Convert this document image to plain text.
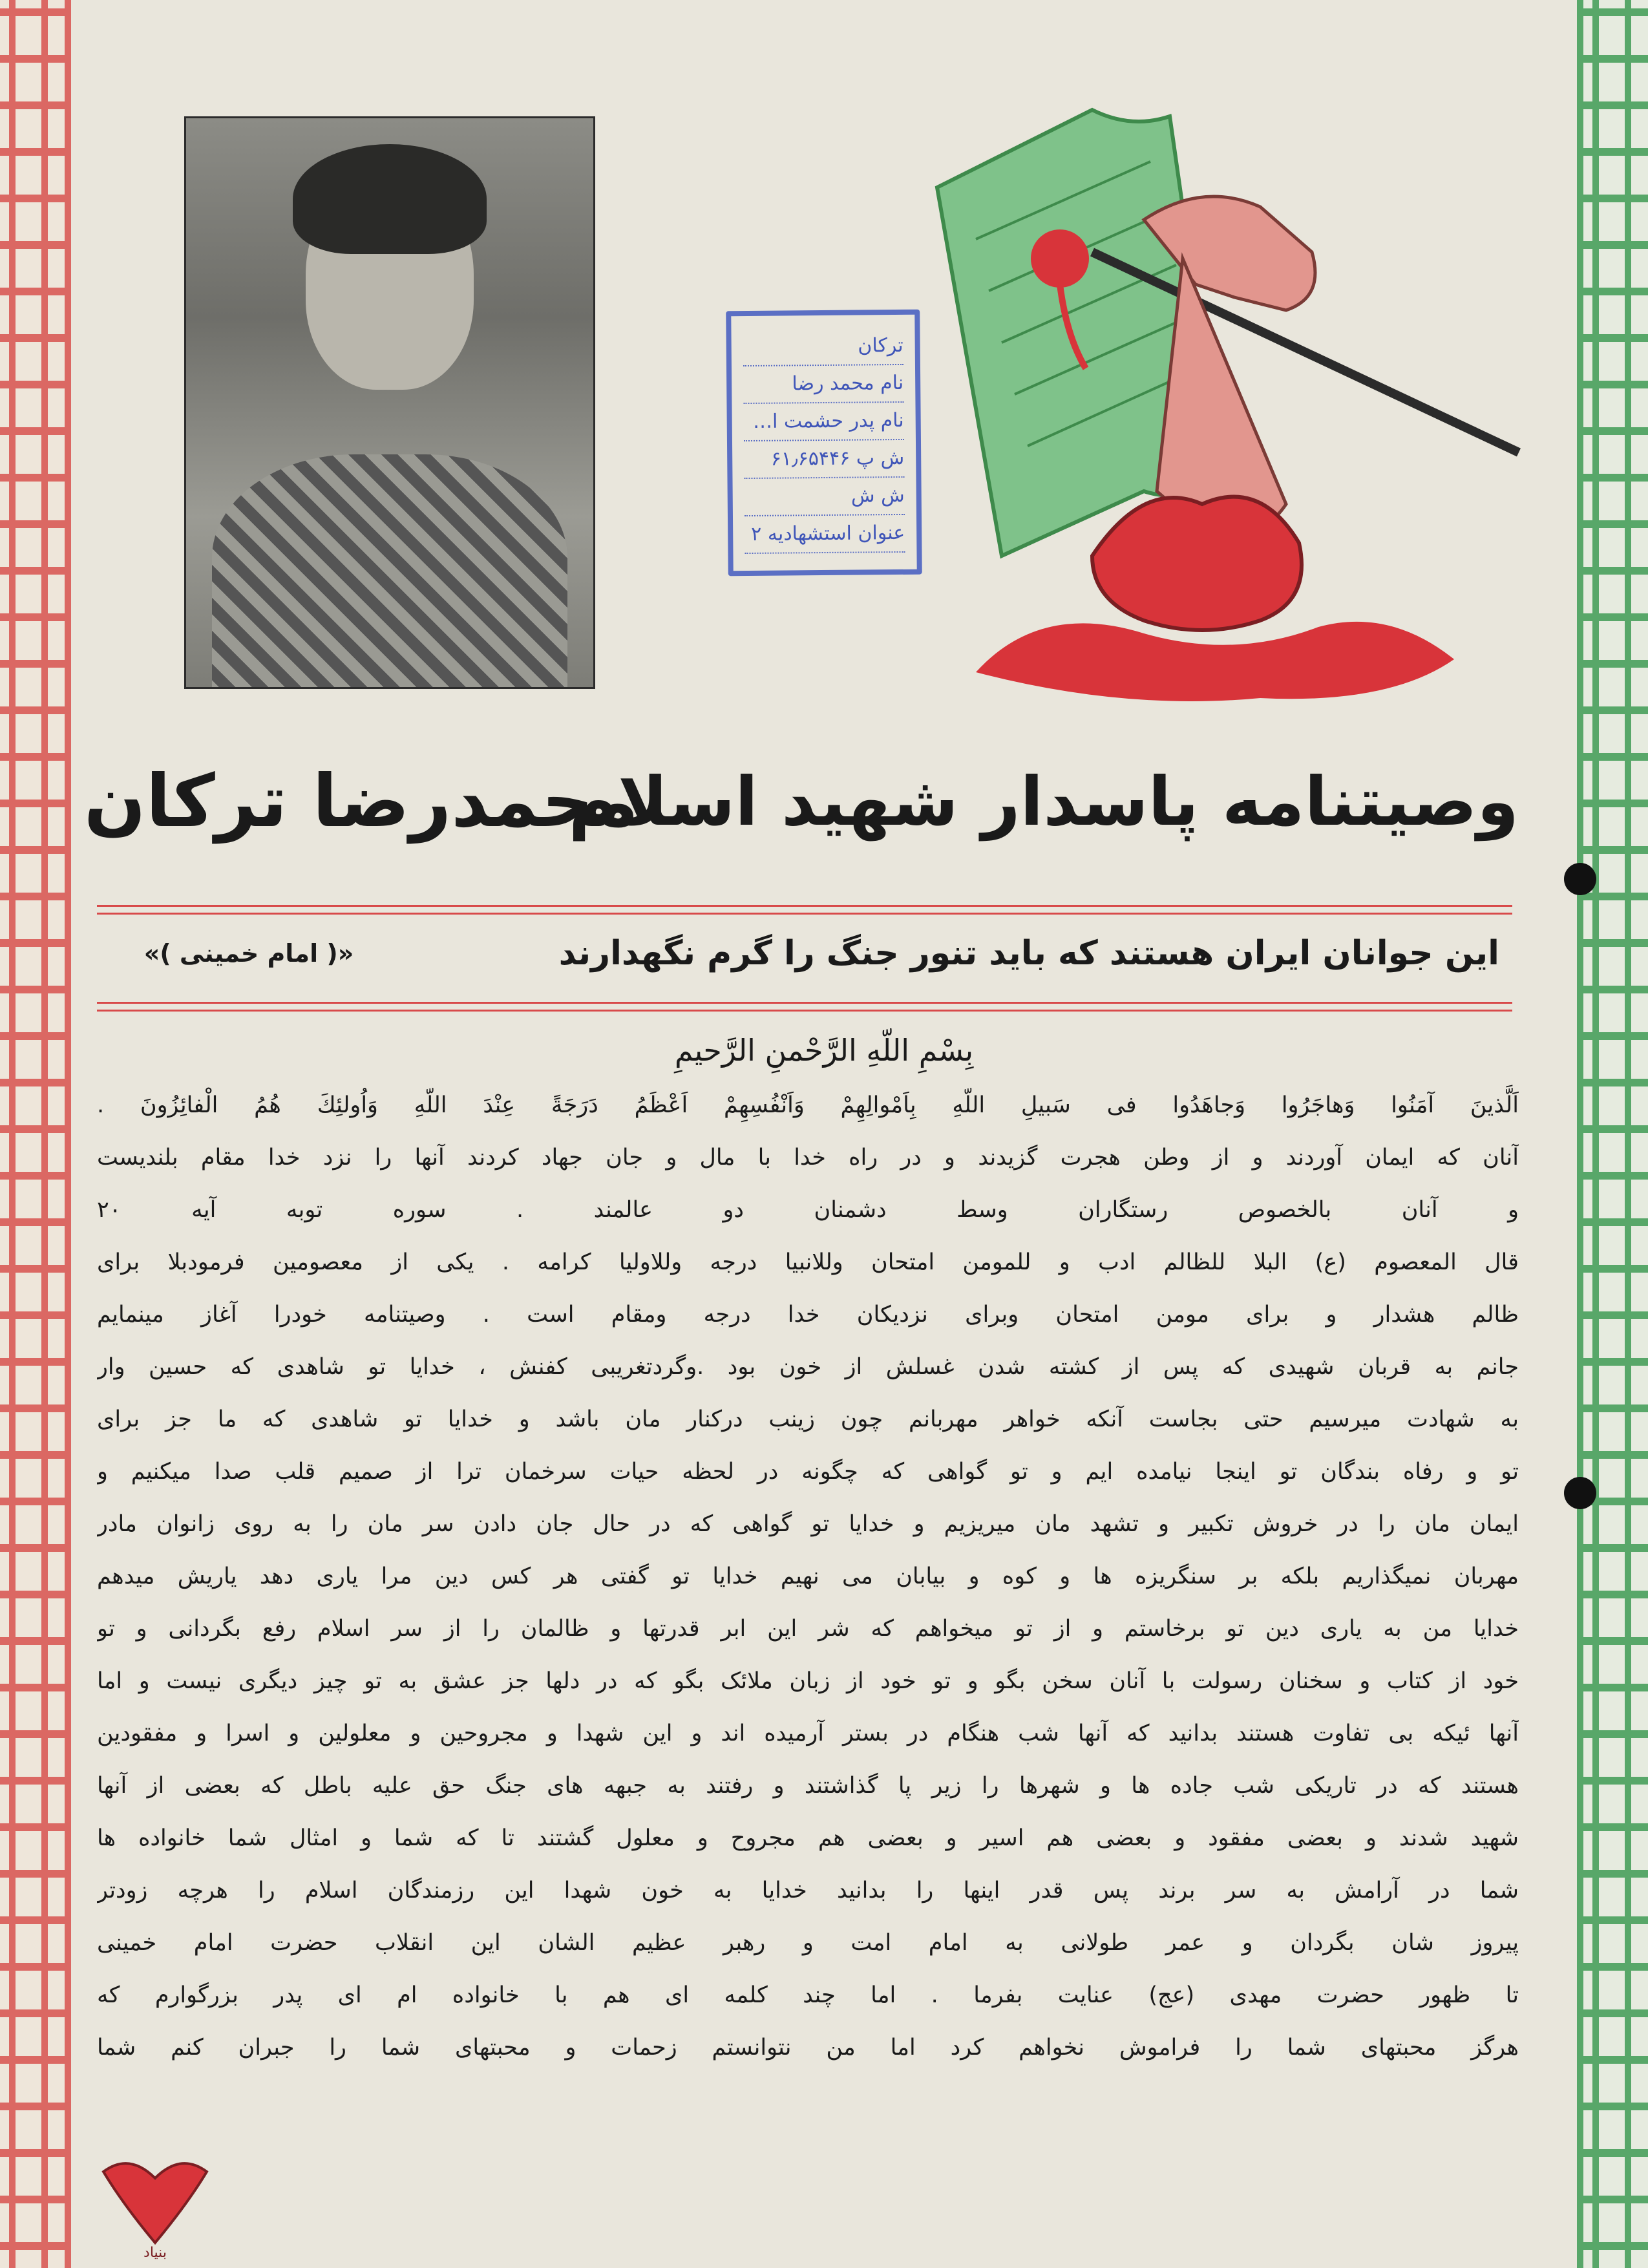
ترکان
نام محمد رضا
نام پدر حشمت ا…
ش پ ۶۱٫۶۵۴۴۶
ش ش
عنوان استشهادیه ۲
وصیتنامه پاسدار شهید اسلام
محمدرضا ترکان
این جوانان ایران هستند که باید تنور جنگ را گرم نگهدارند
«( امام خمینی )»
بِسْمِ اللّهِ الرَّحْمنِ الرَّحیمِ
اَلَّذینَ آمَنُوا وَهاجَرُوا وَجاهَدُوا فی سَبیلِ اللّهِ بِاَمْوالِهِمْ وَاَنْفُسِهِمْ اَعْظَمُ دَرَجَةً عِنْدَ اللّهِ وَاُولئِكَ هُمُ الْفائِزُونَ .
آنان که ایمان آوردند و از وطن هجرت گزیدند و در راه خدا با مال و جان جهاد کردند آنها را نزد خدا مقام بلندیست
و آنان بالخصوص رستگاران وسط دشمنان دو عالمند . سوره توبه آیه ۲۰
قال المعصوم (ع) البلا للظالم ادب و للمومن امتحان وللانبیا درجه وللاولیا کرامه . یکی از معصومین فرمودبلا برای
ظالم هشدار و برای مومن امتحان وبرای نزدیکان خدا درجه ومقام است . وصیتنامه خودرا آغاز مینمایم
جانم به قربان شهیدی که پس از کشته شدن غسلش از خون بود .وگردتغریبی کفنش ، خدایا تو شاهدی که حسین وار
به شهادت میرسیم حتی بجاست آنکه خواهر مهربانم چون زینب درکنار مان باشد و خدایا تو شاهدی که ما جز برای
تو و رفاه بندگان تو اینجا نیامده ایم و تو گواهی که چگونه در لحظه حیات سرخمان ترا از صمیم قلب صدا میکنیم و
ایمان مان را در خروش تکبیر و تشهد مان میریزیم و خدایا تو گواهی که در حال جان دادن سر مان را به روی زانوان مادر
مهربان نمیگذاریم بلکه بر سنگریزه ها و کوه و بیابان می نهیم خدایا تو گفتی هر کس دین مرا یاری دهد یاریش میدهم
خدایا من به یاری دین تو برخاستم و از تو میخواهم که شر این ابر قدرتها و ظالمان را از سر اسلام رفع بگردانی و تو
خود از کتاب و سخنان رسولت با آنان سخن بگو و تو خود از زبان ملائک بگو که در دلها جز عشق به تو چیز دیگری نیست و اما
آنها ئیکه بی تفاوت هستند بدانید که آنها شب هنگام در بستر آرمیده اند و این شهدا و مجروحین و معلولین و اسرا و مفقودین
هستند که در تاریکی شب جاده ها و شهرها را زیر پا گذاشتند و رفتند به جبهه های جنگ حق علیه باطل که بعضی از آنها
شهید شدند و بعضی مفقود و بعضی هم اسیر و بعضی هم مجروح و معلول گشتند تا که شما و امثال شما خانواده ها
شما در آرامش به سر برند پس قدر اینها را بدانید خدایا به خون شهدا این رزمندگان اسلام را هرچه زودتر
پیروز شان بگردان و عمر طولانی به امام امت و رهبر عظیم الشان این انقلاب حضرت امام خمینی
تا ظهور حضرت مهدی (عج) عنایت بفرما . اما چند کلمه ای هم با خانواده ام ای پدر بزرگوارم که
هرگز محبتهای شما را فراموش نخواهم کرد اما من نتوانستم زحمات و محبتهای شما را جبران کنم شما
بنیاد
